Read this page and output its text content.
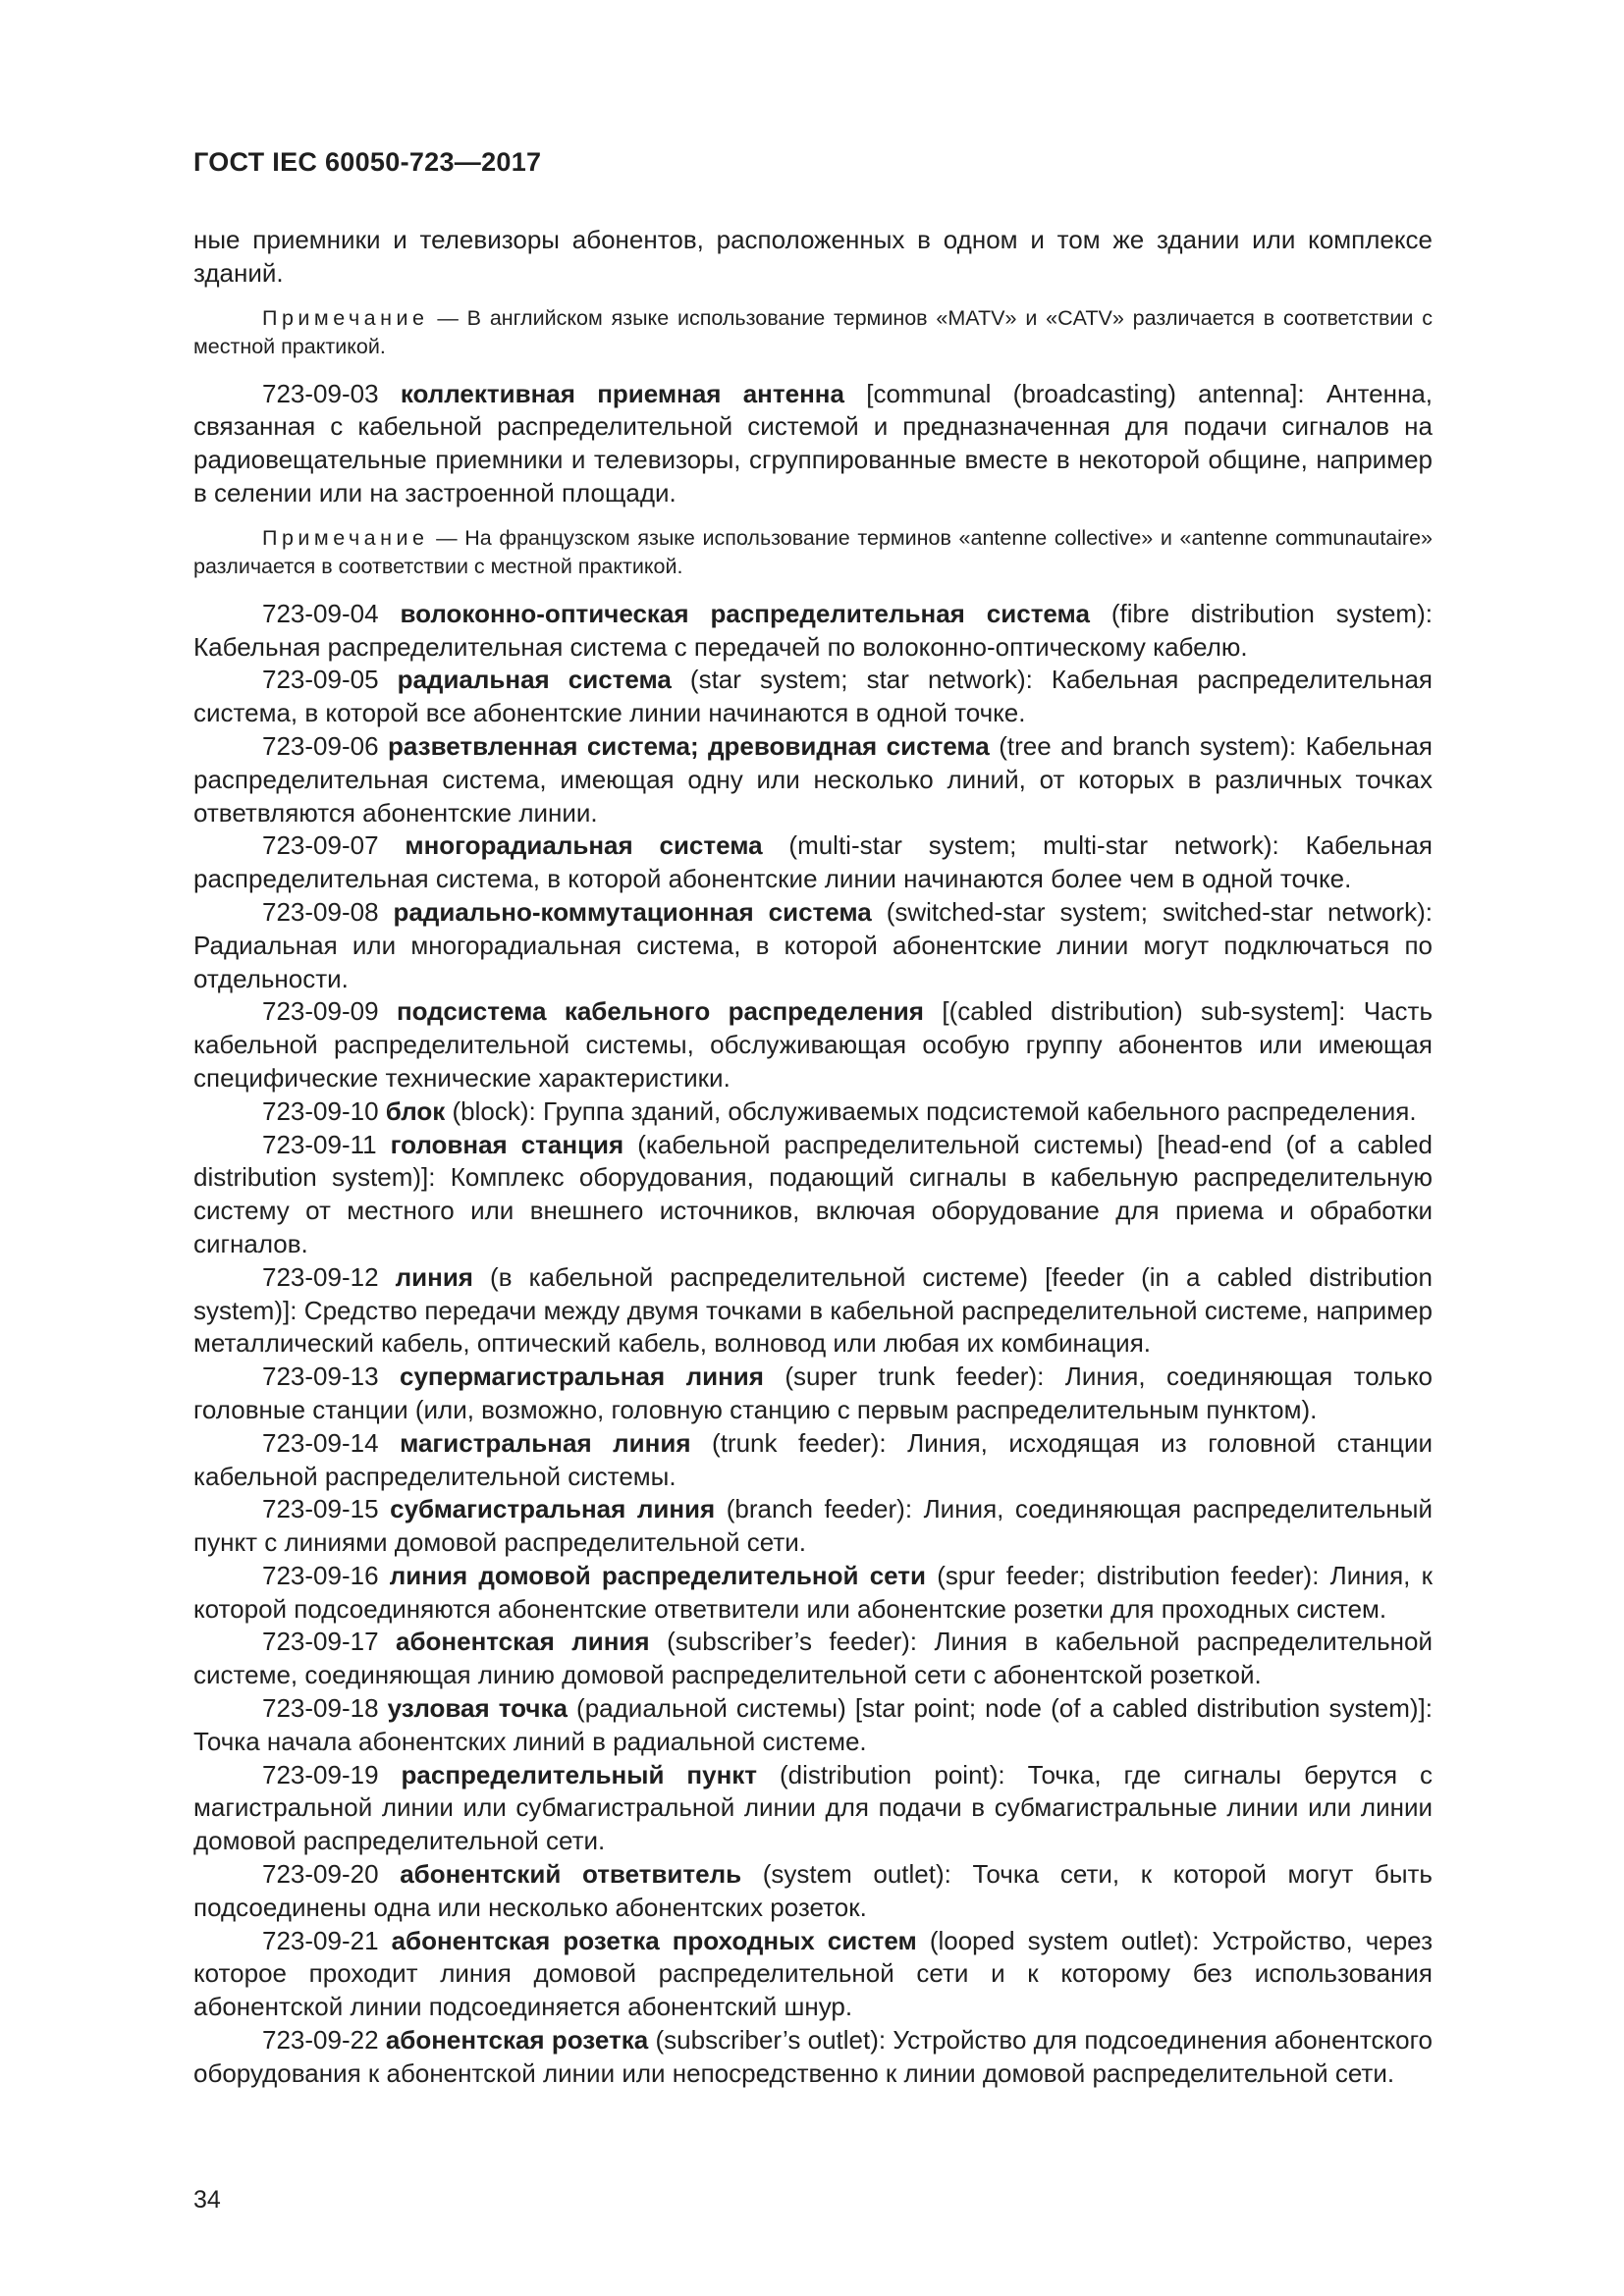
ГОСТ IEC 60050-723—2017

ные приемники и телевизоры абонентов, расположенных в одном и том же здании или комплексе зданий.

Примечание — В английском языке использование терминов «MATV» и «CATV» различается в соответствии с местной практикой.

723-09-03 коллективная приемная антенна [communal (broadcasting) antenna]: Антенна, связанная с кабельной распределительной системой и предназначенная для подачи сигналов на радиовещательные приемники и телевизоры, сгруппированные вместе в некоторой общине, например в селении или на застроенной площади.

Примечание — На французском языке использование терминов «antenne collective» и «antenne communautaire» различается в соответствии с местной практикой.

723-09-04 волоконно-оптическая распределительная система (fibre distribution system): Кабельная распределительная система с передачей по волоконно-оптическому кабелю.

723-09-05 радиальная система (star system; star network): Кабельная распределительная система, в которой все абонентские линии начинаются в одной точке.

723-09-06 разветвленная система; древовидная система (tree and branch system): Кабельная распределительная система, имеющая одну или несколько линий, от которых в различных точках ответвляются абонентские линии.

723-09-07 многорадиальная система (multi-star system; multi-star network): Кабельная распределительная система, в которой абонентские линии начинаются более чем в одной точке.

723-09-08 радиально-коммутационная система (switched-star system; switched-star network): Радиальная или многорадиальная система, в которой абонентские линии могут подключаться по отдельности.

723-09-09 подсистема кабельного распределения [(cabled distribution) sub-system]: Часть кабельной распределительной системы, обслуживающая особую группу абонентов или имеющая специфические технические характеристики.

723-09-10 блок (block): Группа зданий, обслуживаемых подсистемой кабельного распределения.

723-09-11 головная станция (кабельной распределительной системы) [head-end (of a cabled distribution system)]: Комплекс оборудования, подающий сигналы в кабельную распределительную систему от местного или внешнего источников, включая оборудование для приема и обработки сигналов.

723-09-12 линия (в кабельной распределительной системе) [feeder (in a cabled distribution system)]: Средство передачи между двумя точками в кабельной распределительной системе, например металлический кабель, оптический кабель, волновод или любая их комбинация.

723-09-13 супермагистральная линия (super trunk feeder): Линия, соединяющая только головные станции (или, возможно, головную станцию с первым распределительным пунктом).

723-09-14 магистральная линия (trunk feeder): Линия, исходящая из головной станции кабельной распределительной системы.

723-09-15 субмагистральная линия (branch feeder): Линия, соединяющая распределительный пункт с линиями домовой распределительной сети.

723-09-16 линия домовой распределительной сети (spur feeder; distribution feeder): Линия, к которой подсоединяются абонентские ответвители или абонентские розетки для проходных систем.

723-09-17 абонентская линия (subscriber’s feeder): Линия в кабельной распределительной системе, соединяющая линию домовой распределительной сети с абонентской розеткой.

723-09-18 узловая точка (радиальной системы) [star point; node (of a cabled distribution system)]: Точка начала абонентских линий в радиальной системе.

723-09-19 распределительный пункт (distribution point): Точка, где сигналы берутся с магистральной линии или субмагистральной линии для подачи в субмагистральные линии или линии домовой распределительной сети.

723-09-20 абонентский ответвитель (system outlet): Точка сети, к которой могут быть подсоединены одна или несколько абонентских розеток.

723-09-21 абонентская розетка проходных систем (looped system outlet): Устройство, через которое проходит линия домовой распределительной сети и к которому без использования абонентской линии подсоединяется абонентский шнур.

723-09-22 абонентская розетка (subscriber’s outlet): Устройство для подсоединения абонентского оборудования к абонентской линии или непосредственно к линии домовой распределительной сети.

34
